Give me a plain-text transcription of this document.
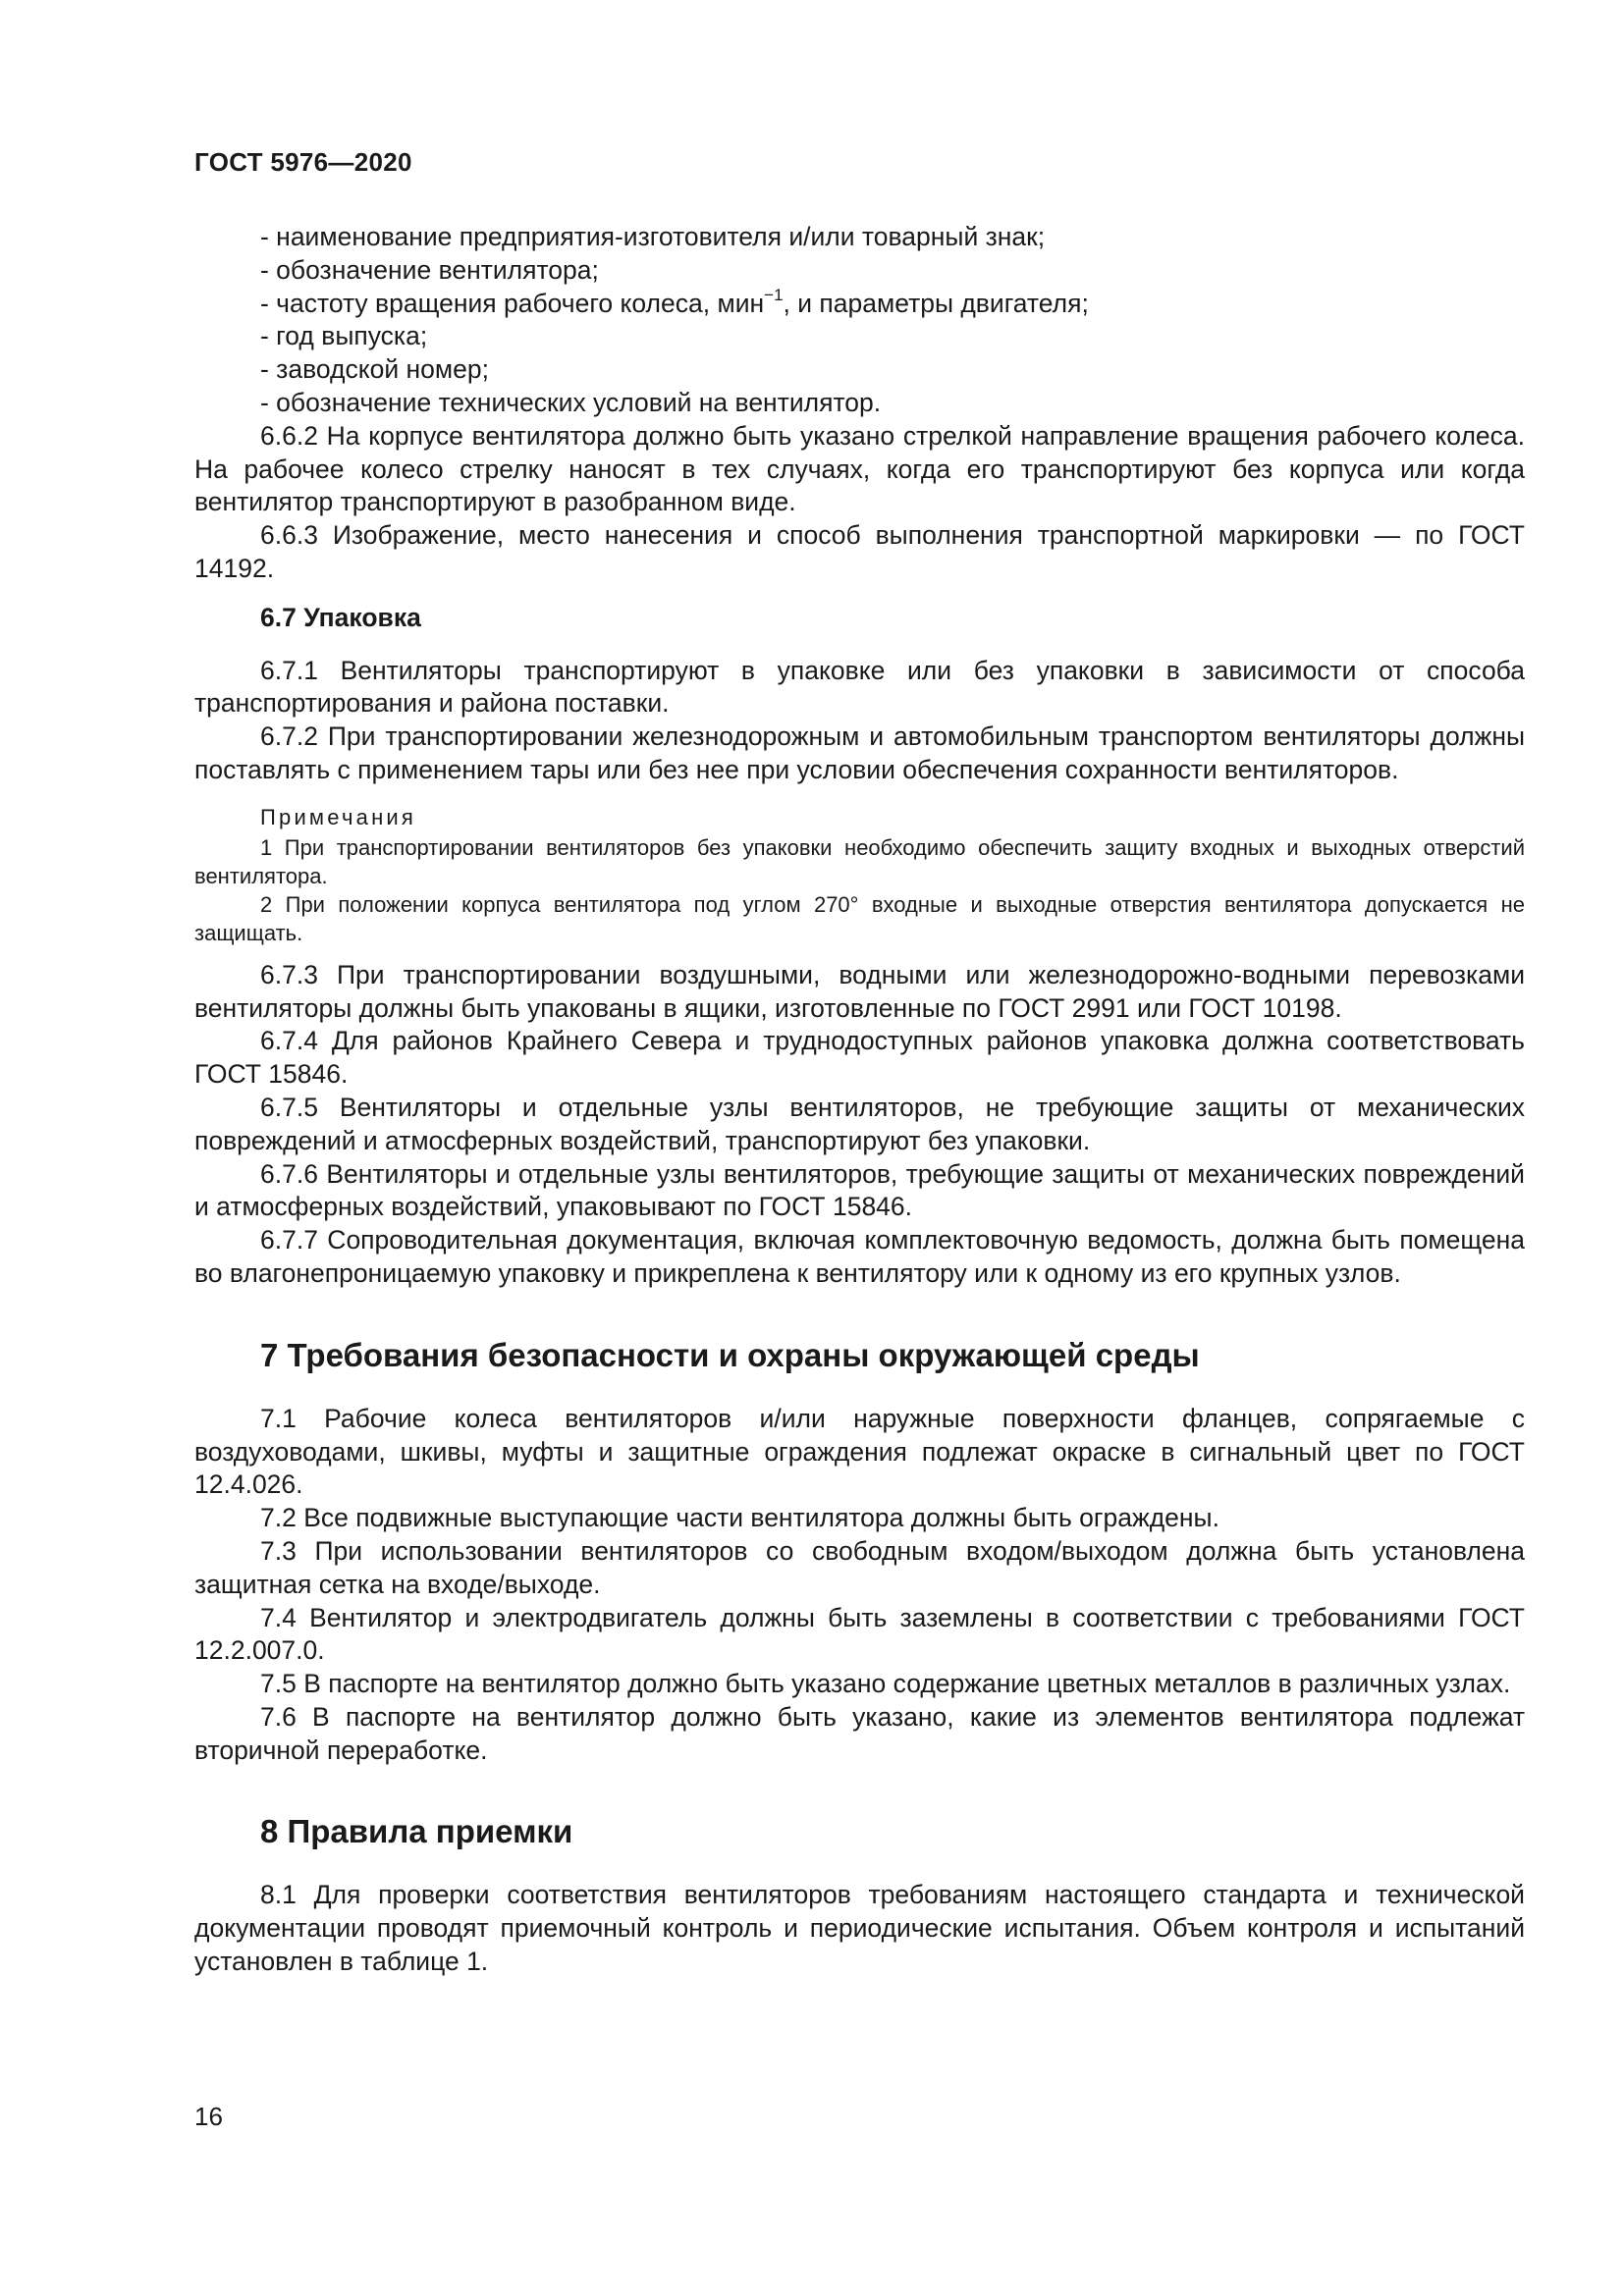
ГОСТ 5976—2020

- наименование предприятия-изготовителя и/или товарный знак;

- обозначение вентилятора;

- частоту вращения рабочего колеса, мин$^{-1}$, и параметры двигателя;

- год выпуска;

- заводской номер;

- обозначение технических условий на вентилятор.

6.6.2 На корпусе вентилятора должно быть указано стрелкой направление вращения рабочего колеса. На рабочее колесо стрелку наносят в тех случаях, когда его транспортируют без корпуса или когда вентилятор транспортируют в разобранном виде.

6.6.3 Изображение, место нанесения и способ выполнения транспортной маркировки — по ГОСТ 14192.

6.7 Упаковка

6.7.1 Вентиляторы транспортируют в упаковке или без упаковки в зависимости от способа транспортирования и района поставки.

6.7.2 При транспортировании железнодорожным и автомобильным транспортом вентиляторы должны поставлять с применением тары или без нее при условии обеспечения сохранности вентиляторов.

Примечания

1 При транспортировании вентиляторов без упаковки необходимо обеспечить защиту входных и выходных отверстий вентилятора.

2 При положении корпуса вентилятора под углом 270° входные и выходные отверстия вентилятора допускается не защищать.

6.7.3 При транспортировании воздушными, водными или железнодорожно-водными перевозками вентиляторы должны быть упакованы в ящики, изготовленные по ГОСТ 2991 или ГОСТ 10198.

6.7.4 Для районов Крайнего Севера и труднодоступных районов упаковка должна соответствовать ГОСТ 15846.

6.7.5 Вентиляторы и отдельные узлы вентиляторов, не требующие защиты от механических повреждений и атмосферных воздействий, транспортируют без упаковки.

6.7.6 Вентиляторы и отдельные узлы вентиляторов, требующие защиты от механических повреждений и атмосферных воздействий, упаковывают по ГОСТ 15846.

6.7.7 Сопроводительная документация, включая комплектовочную ведомость, должна быть помещена во влагонепроницаемую упаковку и прикреплена к вентилятору или к одному из его крупных узлов.

7 Требования безопасности и охраны окружающей среды

7.1 Рабочие колеса вентиляторов и/или наружные поверхности фланцев, сопрягаемые с воздуховодами, шкивы, муфты и защитные ограждения подлежат окраске в сигнальный цвет по ГОСТ 12.4.026.

7.2 Все подвижные выступающие части вентилятора должны быть ограждены.

7.3 При использовании вентиляторов со свободным входом/выходом должна быть установлена защитная сетка на входе/выходе.

7.4 Вентилятор и электродвигатель должны быть заземлены в соответствии с требованиями ГОСТ 12.2.007.0.

7.5 В паспорте на вентилятор должно быть указано содержание цветных металлов в различных узлах.

7.6 В паспорте на вентилятор должно быть указано, какие из элементов вентилятора подлежат вторичной переработке.

8 Правила приемки

8.1 Для проверки соответствия вентиляторов требованиям настоящего стандарта и технической документации проводят приемочный контроль и периодические испытания. Объем контроля и испытаний установлен в таблице 1.

16
